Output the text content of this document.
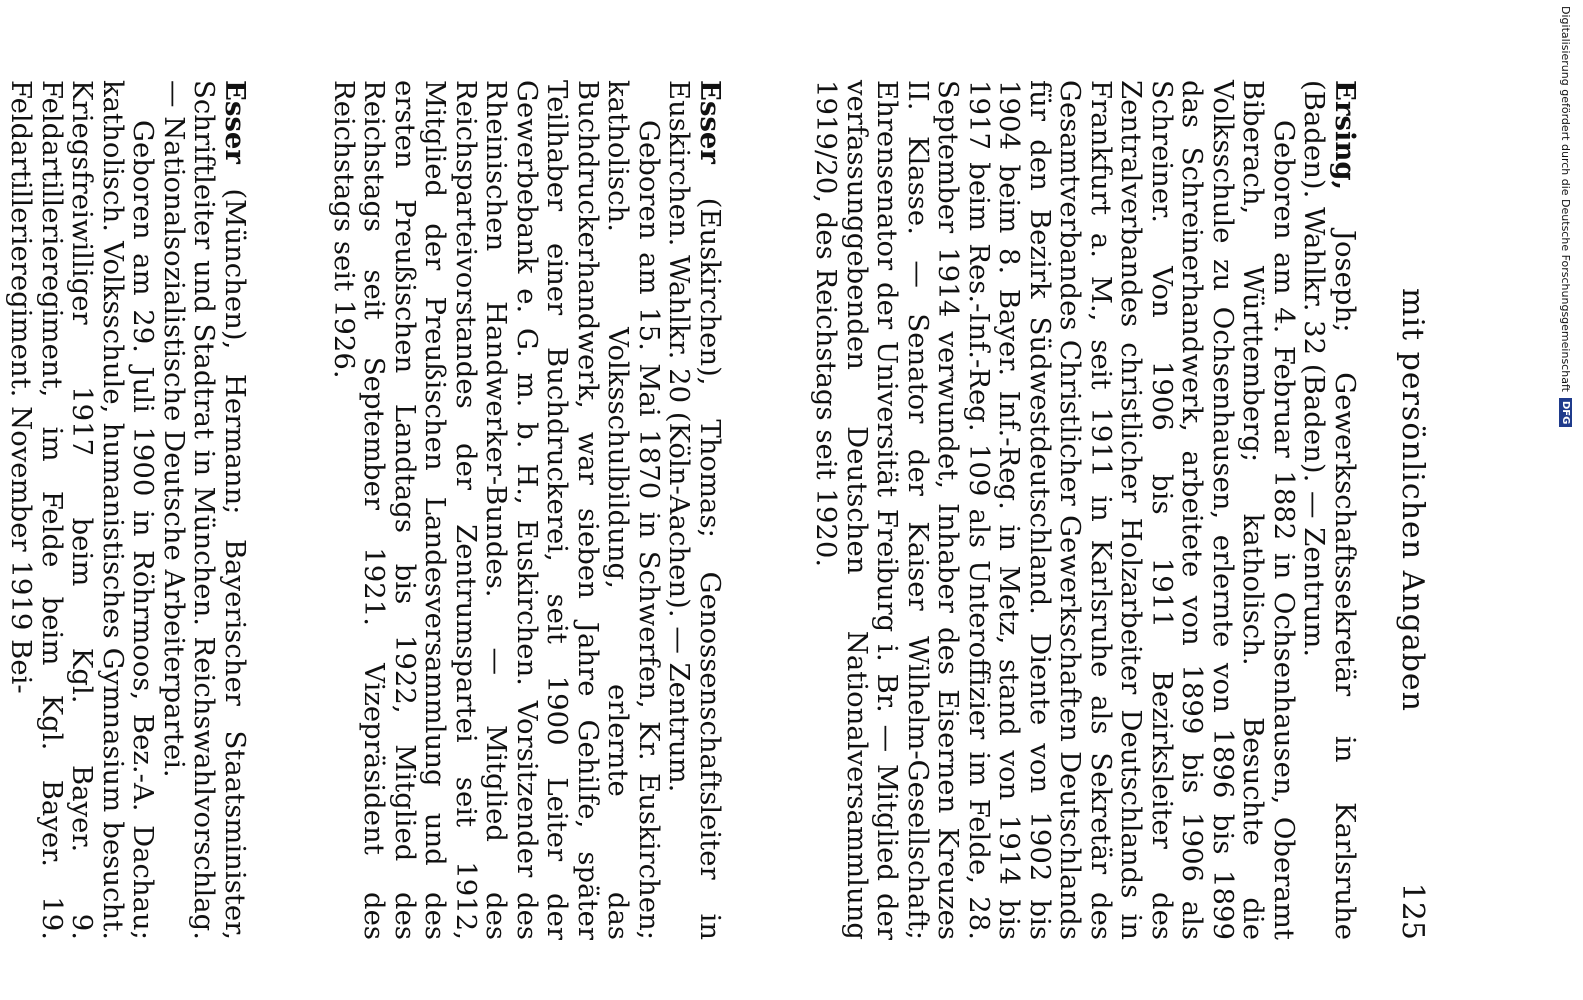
mit persönlichen Angaben
125

Ersing, Joseph; Gewerkschaftssekretär in Karlsruhe (Baden). Wahlkr. 32 (Baden). — Zentrum.

Geboren am 4. Februar 1882 in Ochsenhausen, Oberamt Biberach, Württemberg; katholisch. Besuchte die Volksschule zu Ochsenhausen, erlernte von 1896 bis 1899 das Schreinerhandwerk, arbeitete von 1899 bis 1906 als Schreiner. Von 1906 bis 1911 Bezirksleiter des Zentralverbandes christlicher Holzarbeiter Deutschlands in Frankfurt a. M., seit 1911 in Karlsruhe als Sekretär des Gesamtverbandes Christlicher Gewerkschaften Deutschlands für den Bezirk Südwestdeutschland. Diente von 1902 bis 1904 beim 8. Bayer. Inf.-Reg. in Metz, stand von 1914 bis 1917 beim Res.-Inf.-Reg. 109 als Unteroffizier im Felde, 28. September 1914 verwundet, Inhaber des Eisernen Kreuzes II. Klasse. — Senator der Kaiser Wilhelm-Gesellschaft; Ehrensenator der Universität Freiburg i. Br. — Mitglied der verfassunggebenden Deutschen Nationalversammlung 1919/20, des Reichstags seit 1920.

Esser (Euskirchen), Thomas; Genossenschaftsleiter in Euskirchen. Wahlkr. 20 (Köln-Aachen). — Zentrum.

Geboren am 15. Mai 1870 in Schwerfen, Kr. Euskirchen; katholisch. Volksschulbildung, erlernte das Buchdruckerhandwerk, war sieben Jahre Gehilfe, später Teilhaber einer Buchdruckerei, seit 1900 Leiter der Gewerbebank e. G. m. b. H., Euskirchen. Vorsitzender des Rheinischen Handwerker-Bundes. — Mitglied des Reichsparteivorstandes der Zentrumspartei seit 1912, Mitglied der Preußischen Landesversammlung und des ersten Preußischen Landtags bis 1922, Mitglied des Reichstags seit September 1921. Vizepräsident des Reichstags seit 1926.

Esser (München), Hermann; Bayerischer Staatsminister, Schriftleiter und Stadtrat in München. Reichswahlvorschlag. — Nationalsozialistische Deutsche Arbeiterpartei.

Geboren am 29. Juli 1900 in Röhrmoos, Bez.-A. Dachau; katholisch. Volksschule, humanistisches Gymnasium besucht. Kriegsfreiwilliger 1917 beim Kgl. Bayer. 9. Feldartillerieregiment, im Felde beim Kgl. Bayer. 19. Feldartillerieregiment. November 1919 Bei-	Digitalisierung gefördert durch die Deutsche Forschungsgemeinschaft
DFG
